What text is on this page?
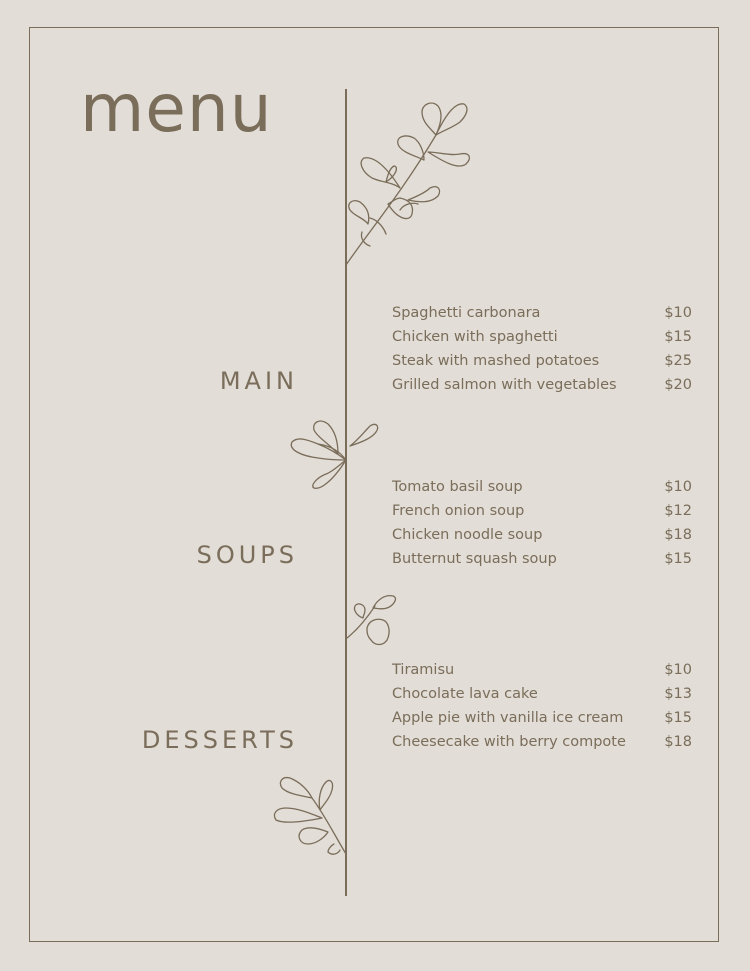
menu
MAIN
Spaghetti carbonara	$10
Chicken with spaghetti	$15
Steak with mashed potatoes	$25
Grilled salmon with vegetables	$20
SOUPS
Tomato basil soup	$10
French onion soup	$12
Chicken noodle soup	$18
Butternut squash soup	$15
DESSERTS
Tiramisu	$10
Chocolate lava cake	$13
Apple pie with vanilla ice cream	$15
Cheesecake with berry compote	$18
